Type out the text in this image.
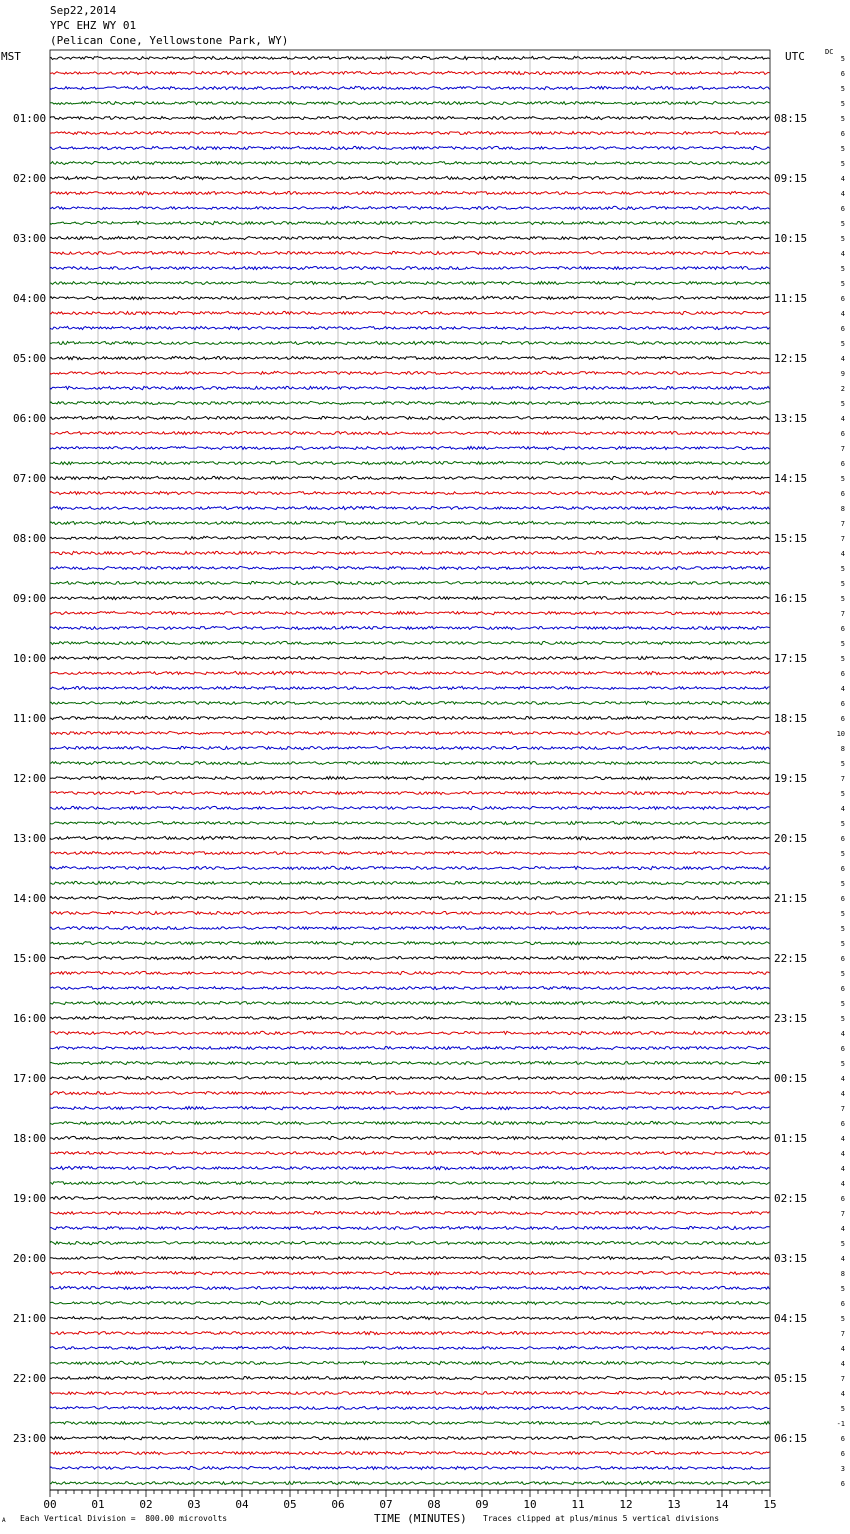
Sep22,2014
YPC EHZ WY 01
(Pelican Cone, Yellowstone Park, WY)
MST	UTC	DC
00	01	02	03	04	05	06	07	08	09	10	11	12	13	14	15
01:00
02:00
03:00
04:00
05:00
06:00
07:00
08:00
09:00
10:00
11:00
12:00
13:00
14:00
15:00
16:00
17:00
18:00
19:00
20:00
21:00
22:00
23:00
08:15
09:15
10:15
11:15
12:15
13:15
14:15
15:15
16:15
17:15
18:15
19:15
20:15
21:15
22:15
23:15
00:15
01:15
02:15
03:15
04:15
05:15
06:15
5
6
5
5
5
6
5
5
4
4
6
5
5
4
5
5
6
4
6
5
4
9
2
5
4
6
7
6
5
6
8
7
7
4
5
5
5
7
6
5
5
6
4
6
6
10
8
5
7
5
4
5
6
5
6
5
6
5
5
5
6
5
6
5
5
4
6
5
4
4
7
6
4
4
4
4
6
7
4
5
4
8
5
6
5
7
4
4
7
4
5
-1
6
6
3
6
A Each Vertical Division =  800.00 microvolts	TIME (MINUTES) Traces clipped at plus/minus 5 vertical divisions
